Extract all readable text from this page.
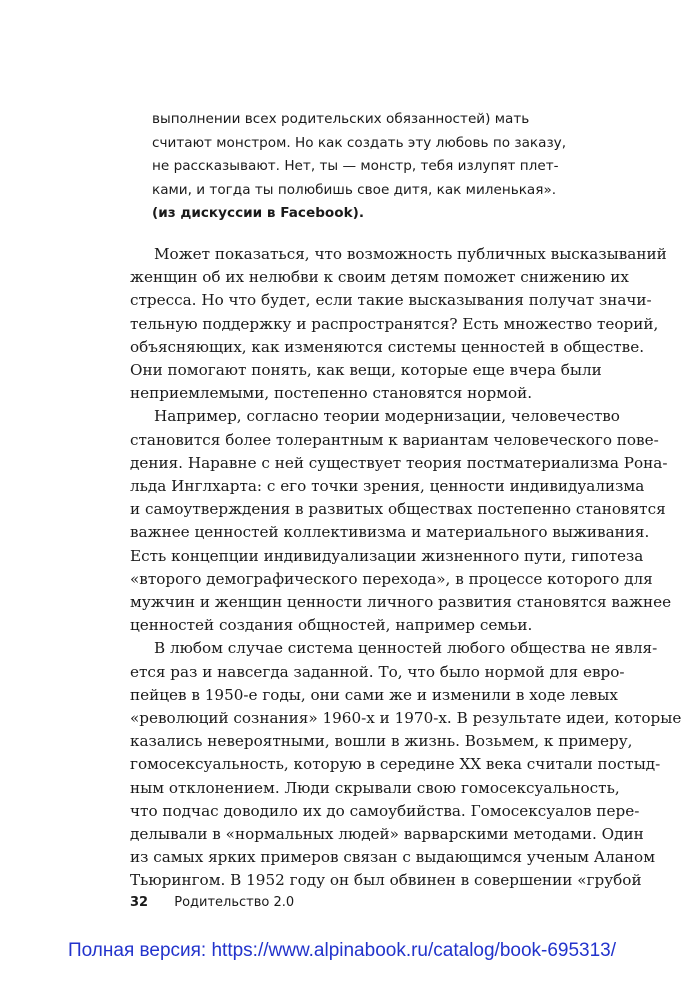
выполнении всех родительских обязанностей) мать
считают монстром. Но как создать эту любовь по заказу,
не рассказывают. Нет, ты — монстр, тебя излупят плет-
ками, и тогда ты полюбишь свое дитя, как миленькая».
(из дискуссии в Facebook).
Может показаться, что возможность публичных высказываний
женщин об их нелюбви к своим детям поможет снижению их
стресса. Но что будет, если такие высказывания получат значи-
тельную поддержку и распространятся? Есть множество теорий,
объясняющих, как изменяются системы ценностей в обществе.
Они помогают понять, как вещи, которые еще вчера были
неприемлемыми, постепенно становятся нормой.
Например, согласно теории модернизации, человечество
становится более толерантным к вариантам человеческого пове-
дения. Наравне с ней существует теория постматериализма Рона-
льда Инглхарта: с его точки зрения, ценности индивидуализма
и самоутверждения в развитых обществах постепенно становятся
важнее ценностей коллективизма и материального выживания.
Есть концепции индивидуализации жизненного пути, гипотеза
«второго демографического перехода», в процессе которого для
мужчин и женщин ценности личного развития становятся важнее
ценностей создания общностей, например семьи.
В любом случае система ценностей любого общества не явля-
ется раз и навсегда заданной. То, что было нормой для евро-
пейцев в 1950-е годы, они сами же и изменили в ходе левых
«революций сознания» 1960-х и 1970-х. В результате идеи, которые
казались невероятными, вошли в жизнь. Возьмем, к примеру,
гомосексуальность, которую в середине XX века считали постыд-
ным отклонением. Люди скрывали свою гомосексуальность,
что подчас доводило их до самоубийства. Гомосексуалов пере-
делывали в «нормальных людей» варварскими методами. Один
из самых ярких примеров связан с выдающимся ученым Аланом
Тьюрингом. В 1952 году он был обвинен в совершении «грубой
32 Родительство 2.0
Полная версия: https://www.alpinabook.ru/catalog/book-695313/
